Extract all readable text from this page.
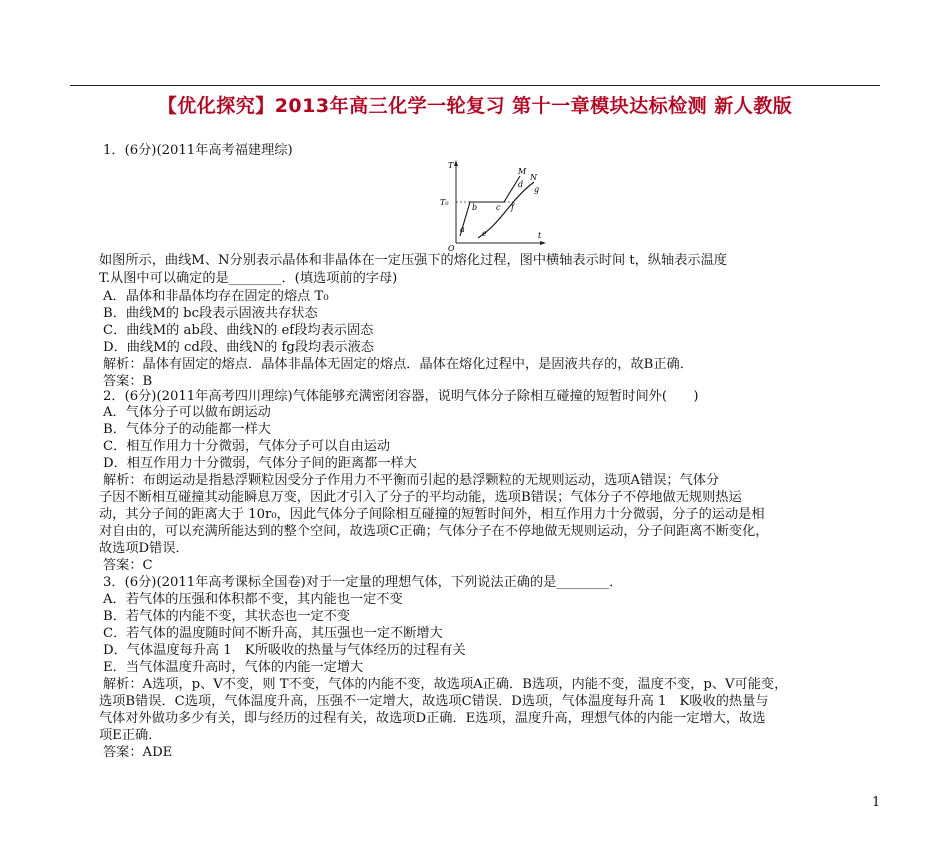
【优化探究】2013年高三化学一轮复习 第十一章模块达标检测 新人教版
T
t
O
T₀
a
b c
d
e
f
g
M
N
1．(6分)(2011年高考福建理综)
如图所示，曲线M、N分别表示晶体和非晶体在一定压强下的熔化过程，图中横轴表示时间 t，纵轴表示温度
T.从图中可以确定的是________．(填选项前的字母)
A．晶体和非晶体均存在固定的熔点 T₀
B．曲线M的 bc段表示固液共存状态
C．曲线M的 ab段、曲线N的 ef段均表示固态
D．曲线M的 cd段、曲线N的 fg段均表示液态
解析：晶体有固定的熔点．晶体非晶体无固定的熔点．晶体在熔化过程中，是固液共存的，故B正确．
答案：B
2．(6分)(2011年高考四川理综)气体能够充满密闭容器，说明气体分子除相互碰撞的短暂时间外(　　)
A．气体分子可以做布朗运动
B．气体分子的动能都一样大
C．相互作用力十分微弱，气体分子可以自由运动
D．相互作用力十分微弱，气体分子间的距离都一样大
解析：布朗运动是指悬浮颗粒因受分子作用力不平衡而引起的悬浮颗粒的无规则运动，选项A错误；气体分
子因不断相互碰撞其动能瞬息万变，因此才引入了分子的平均动能，选项B错误；气体分子不停地做无规则热运
动，其分子间的距离大于 10r₀，因此气体分子间除相互碰撞的短暂时间外，相互作用力十分微弱，分子的运动是相
对自由的，可以充满所能达到的整个空间，故选项C正确；气体分子在不停地做无规则运动，分子间距离不断变化，
故选项D错误．
答案：C
3．(6分)(2011年高考课标全国卷)对于一定量的理想气体，下列说法正确的是________．
A．若气体的压强和体积都不变，其内能也一定不变
B．若气体的内能不变，其状态也一定不变
C．若气体的温度随时间不断升高，其压强也一定不断增大
D．气体温度每升高 1　K所吸收的热量与气体经历的过程有关
E．当气体温度升高时，气体的内能一定增大
解析：A选项，p、V不变，则 T不变，气体的内能不变，故选项A正确．B选项，内能不变，温度不变，p、V可能变，
选项B错误．C选项，气体温度升高，压强不一定增大，故选项C错误．D选项，气体温度每升高 1　K吸收的热量与
气体对外做功多少有关，即与经历的过程有关，故选项D正确．E选项，温度升高，理想气体的内能一定增大，故选
项E正确．
答案：ADE
1
